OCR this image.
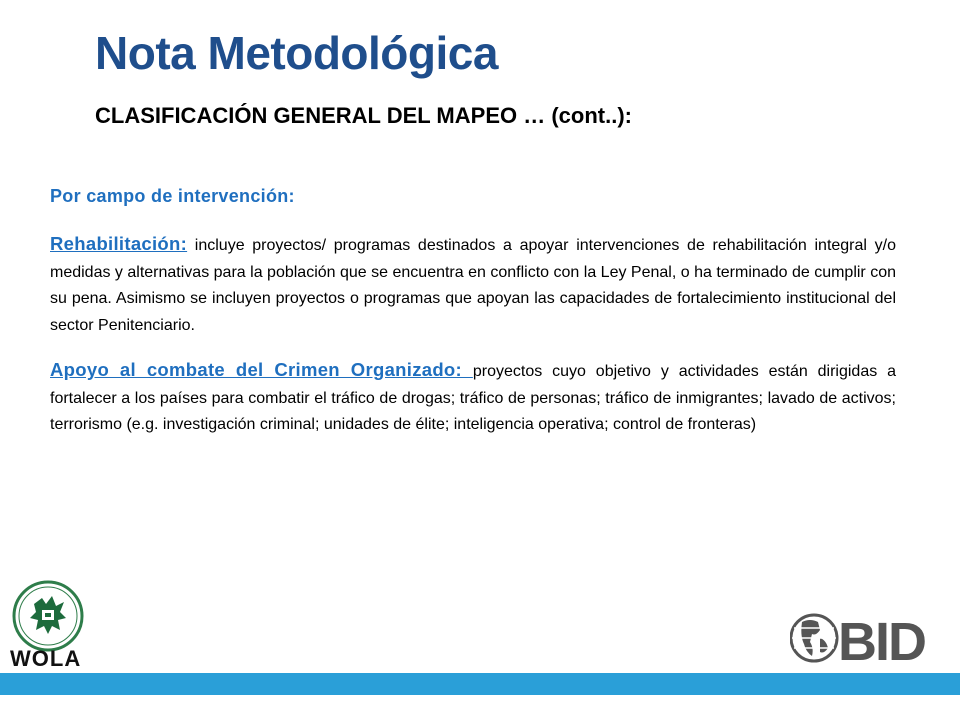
Nota Metodológica
CLASIFICACIÓN GENERAL DEL MAPEO … (cont..):

Por campo de intervención:

Rehabilitación: incluye proyectos/ programas destinados a apoyar intervenciones de rehabilitación integral y/o medidas y alternativas para la población que se encuentra en conflicto con la Ley Penal, o ha terminado de cumplir con su pena. Asimismo se incluyen proyectos o programas que apoyan las capacidades de fortalecimiento institucional del sector Penitenciario.

Apoyo al combate del Crimen Organizado: proyectos cuyo objetivo y actividades están dirigidas a fortalecer a los países para combatir el tráfico de drogas; tráfico de personas; tráfico de inmigrantes; lavado de activos; terrorismo (e.g. investigación criminal; unidades de élite; inteligencia operativa; control de fronteras)

WOLA	BID
